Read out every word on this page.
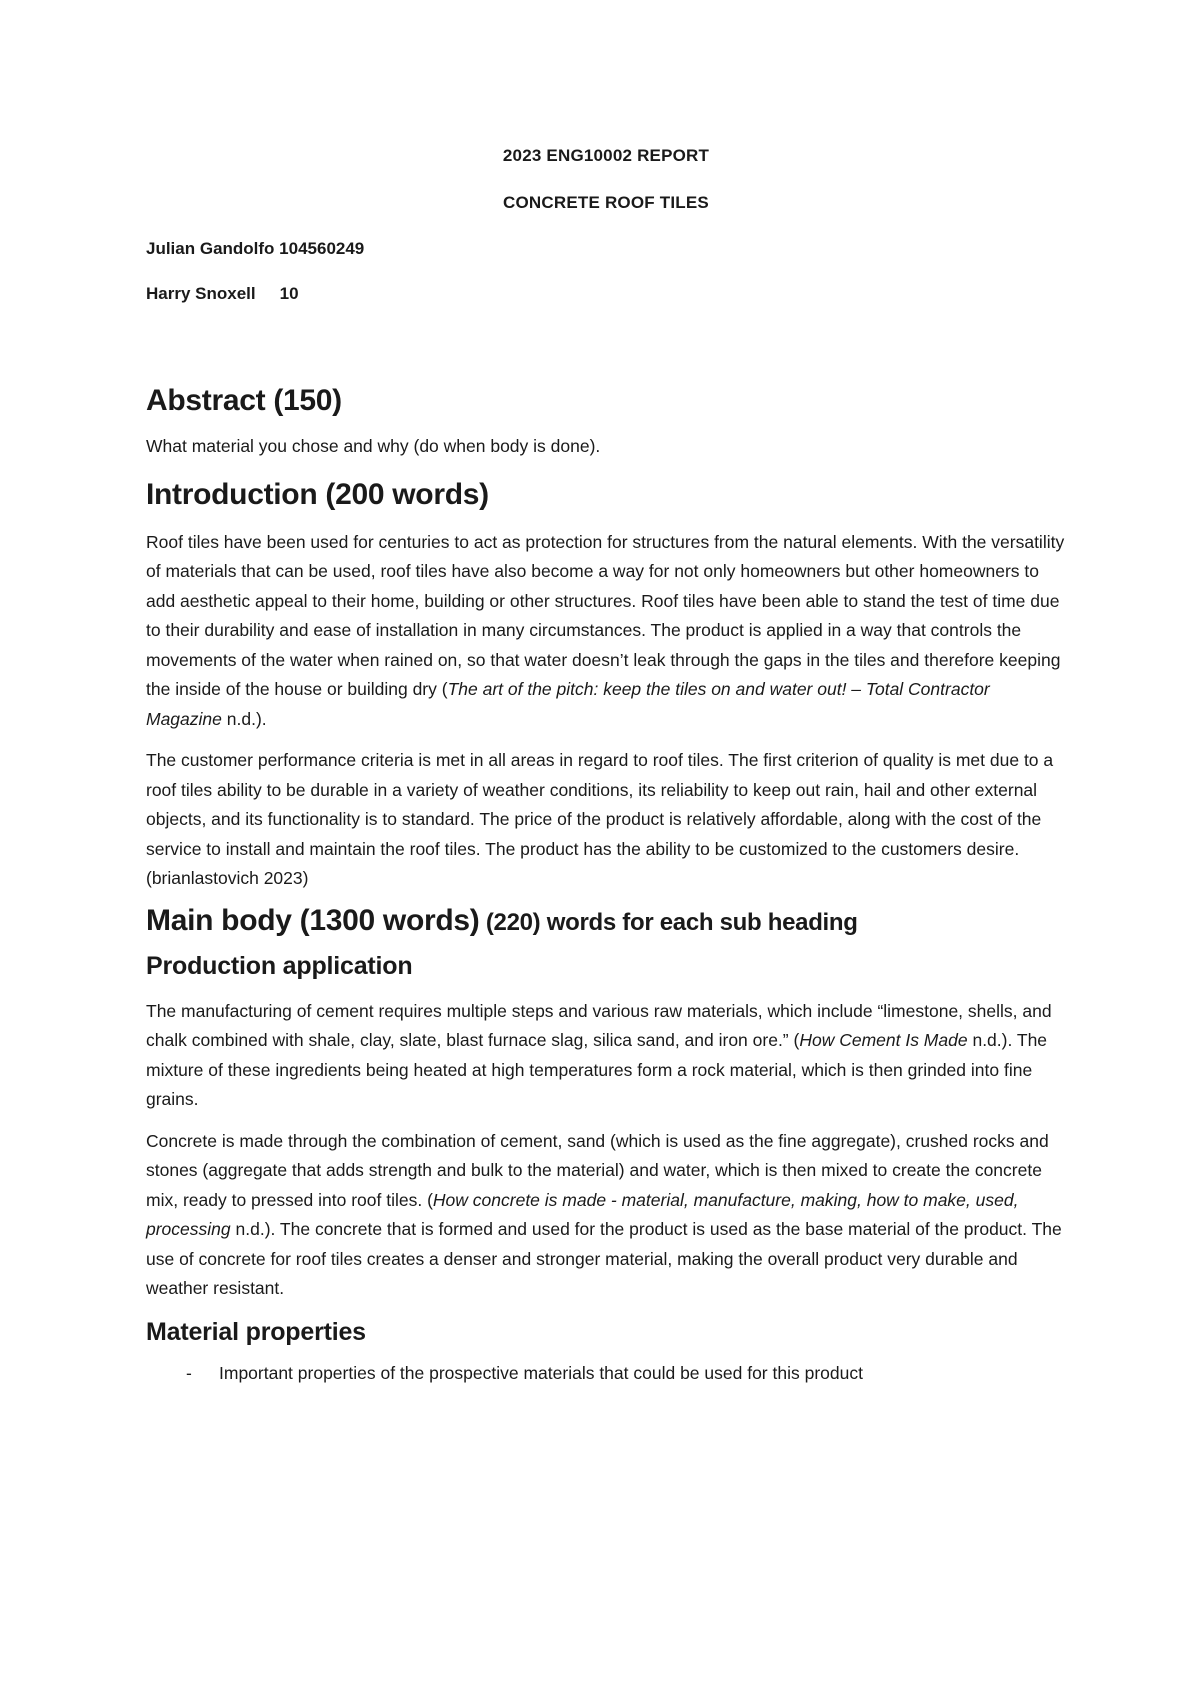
2023 ENG10002 REPORT
CONCRETE ROOF TILES
Julian Gandolfo 104560249
Harry Snoxell 10
Abstract (150)

What material you chose and why (do when body is done).

Introduction (200 words)

Roof tiles have been used for centuries to act as protection for structures from the natural elements. With the versatility of materials that can be used, roof tiles have also become a way for not only homeowners but other homeowners to add aesthetic appeal to their home, building or other structures. Roof tiles have been able to stand the test of time due to their durability and ease of installation in many circumstances. The product is applied in a way that controls the movements of the water when rained on, so that water doesn’t leak through the gaps in the tiles and therefore keeping the inside of the house or building dry (The art of the pitch: keep the tiles on and water out! – Total Contractor Magazine n.d.).

The customer performance criteria is met in all areas in regard to roof tiles. The first criterion of quality is met due to a roof tiles ability to be durable in a variety of weather conditions, its reliability to keep out rain, hail and other external objects, and its functionality is to standard. The price of the product is relatively affordable, along with the cost of the service to install and maintain the roof tiles. The product has the ability to be customized to the customers desire. (brianlastovich 2023)

Main body (1300 words) (220) words for each sub heading
Production application

The manufacturing of cement requires multiple steps and various raw materials, which include “limestone, shells, and chalk combined with shale, clay, slate, blast furnace slag, silica sand, and iron ore.” (How Cement Is Made n.d.). The mixture of these ingredients being heated at high temperatures form a rock material, which is then grinded into fine grains.

Concrete is made through the combination of cement, sand (which is used as the fine aggregate), crushed rocks and stones (aggregate that adds strength and bulk to the material) and water, which is then mixed to create the concrete mix, ready to pressed into roof tiles. (How concrete is made - material, manufacture, making, how to make, used, processing n.d.). The concrete that is formed and used for the product is used as the base material of the product. The use of concrete for roof tiles creates a denser and stronger material, making the overall product very durable and weather resistant.

Material properties
-	Important properties of the prospective materials that could be used for this product
